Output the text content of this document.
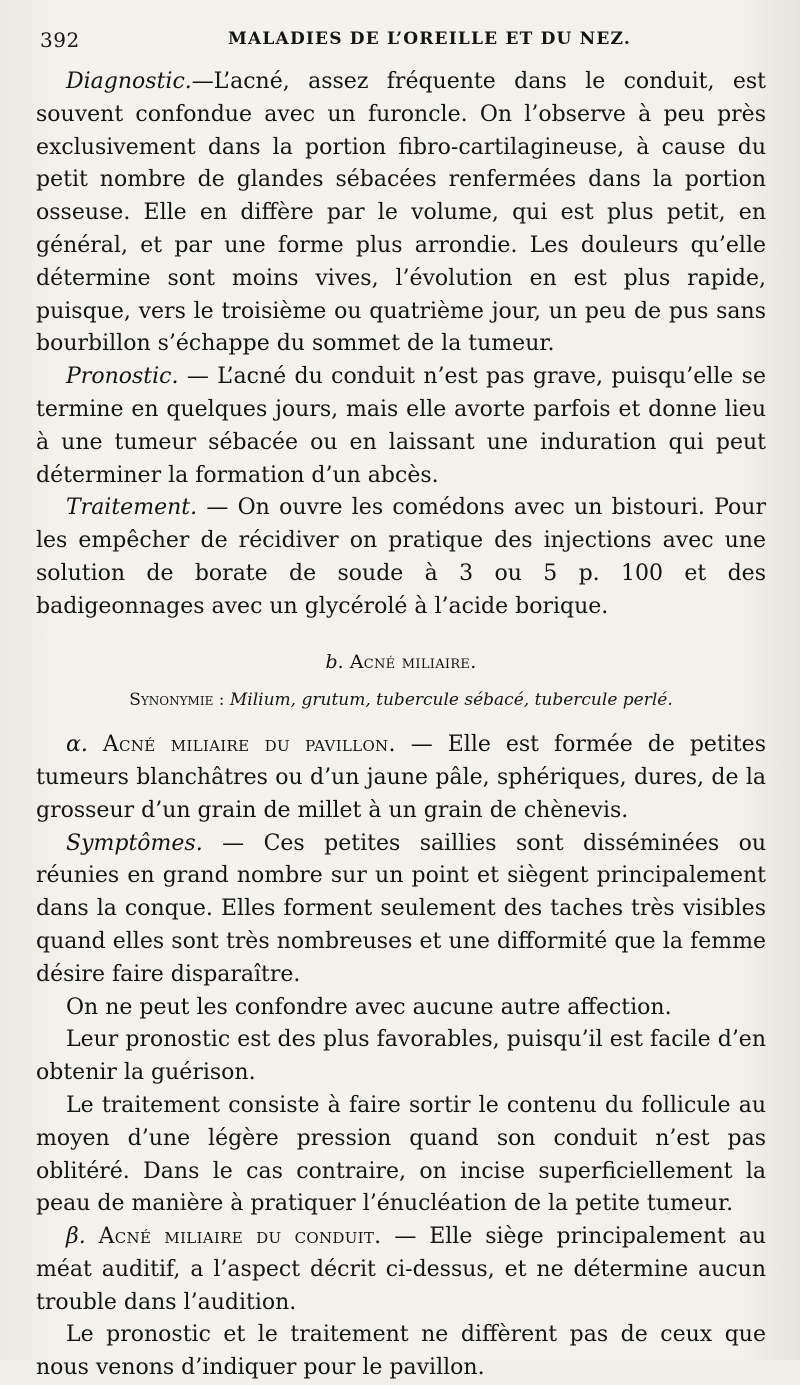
392	MALADIES DE L’OREILLE ET DU NEZ.

Diagnostic.—L’acné, assez fréquente dans le conduit, est souvent confondue avec un furoncle. On l’observe à peu près exclusivement dans la portion fibro-cartilagineuse, à cause du petit nombre de glandes sébacées renfermées dans la portion osseuse. Elle en diffère par le volume, qui est plus petit, en général, et par une forme plus arrondie. Les douleurs qu’elle détermine sont moins vives, l’évolution en est plus rapide, puisque, vers le troisième ou quatrième jour, un peu de pus sans bourbillon s’échappe du sommet de la tumeur.

Pronostic. — L’acné du conduit n’est pas grave, puisqu’elle se termine en quelques jours, mais elle avorte parfois et donne lieu à une tumeur sébacée ou en laissant une induration qui peut déterminer la formation d’un abcès.

Traitement. — On ouvre les comédons avec un bistouri. Pour les empêcher de récidiver on pratique des injections avec une solution de borate de soude à 3 ou 5 p. 100 et des badigeonnages avec un glycérolé à l’acide borique.

b. Acné miliaire.
Synonymie : Milium, grutum, tubercule sébacé, tubercule perlé.

α. Acné miliaire du pavillon. — Elle est formée de petites tumeurs blanchâtres ou d’un jaune pâle, sphériques, dures, de la grosseur d’un grain de millet à un grain de chènevis.

Symptômes. — Ces petites saillies sont disséminées ou réunies en grand nombre sur un point et siègent principalement dans la conque. Elles forment seulement des taches très visibles quand elles sont très nombreuses et une difformité que la femme désire faire disparaître.

On ne peut les confondre avec aucune autre affection.

Leur pronostic est des plus favorables, puisqu’il est facile d’en obtenir la guérison.

Le traitement consiste à faire sortir le contenu du follicule au moyen d’une légère pression quand son conduit n’est pas oblitéré. Dans le cas contraire, on incise superficiellement la peau de manière à pratiquer l’énucléation de la petite tumeur.

β. Acné miliaire du conduit. — Elle siège principalement au méat auditif, a l’aspect décrit ci-dessus, et ne détermine aucun trouble dans l’audition.

Le pronostic et le traitement ne diffèrent pas de ceux que nous venons d’indiquer pour le pavillon.
